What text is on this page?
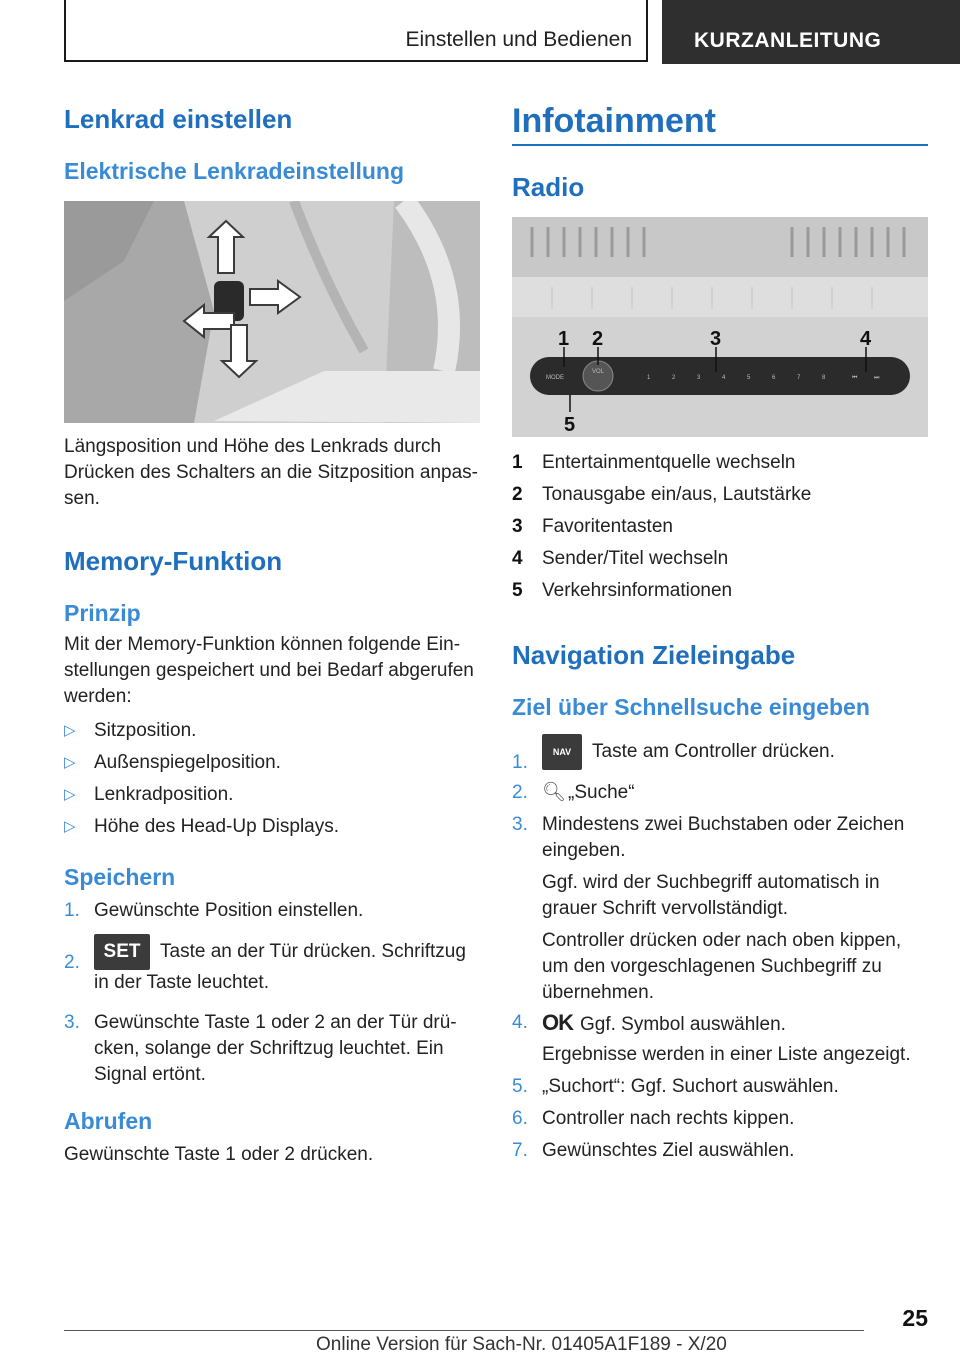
Einstellen und Bedienen	KURZANLEITUNG
Lenkrad einstellen
Elektrische Lenkradeinstellung

Längsposition und Höhe des Lenkrads durch Drücken des Schalters an die Sitzposition anpas-sen.

Memory-Funktion
Prinzip

Mit der Memory-Funktion können folgende Ein-stellungen gespeichert und bei Bedarf abgerufen werden:

▷ Sitzposition.
▷ Außenspiegelposition.
▷ Lenkradposition.
▷ Höhe des Head-Up Displays.
Speichern
1. Gewünschte Position einstellen.
2.
SET Taste an der Tür drücken. Schriftzug in der Taste leuchtet.
3. Gewünschte Taste 1 oder 2 an der Tür drü-cken, solange der Schriftzug leuchtet. Ein Signal ertönt.
Abrufen

Gewünschte Taste 1 oder 2 drücken.

Infotainment
Radio
MODE
VOL
1	2	3	4	5	6	7	8	⏮	⏭
1 2	3	4
5
1 Entertainmentquelle wechseln
2 Tonausgabe ein/aus, Lautstärke
3 Favoritentasten
4 Sender/Titel wechseln
5 Verkehrsinformationen
Navigation Zieleingabe
Ziel über Schnellsuche eingeben
1.	NAV Taste am Controller drücken.
2. 🔍︎„Suche“
3. Mindestens zwei Buchstaben oder Zeichen eingeben.
Ggf. wird der Suchbegriff automatisch in grauer Schrift vervollständigt.
Controller drücken oder nach oben kippen, um den vorgeschlagenen Suchbegriff zu übernehmen.
4. OK Ggf. Symbol auswählen.
Ergebnisse werden in einer Liste angezeigt.
5. „Suchort“: Ggf. Suchort auswählen.
6. Controller nach rechts kippen.
7. Gewünschtes Ziel auswählen.
25
Online Version für Sach-Nr. 01405A1F189 - X/20
